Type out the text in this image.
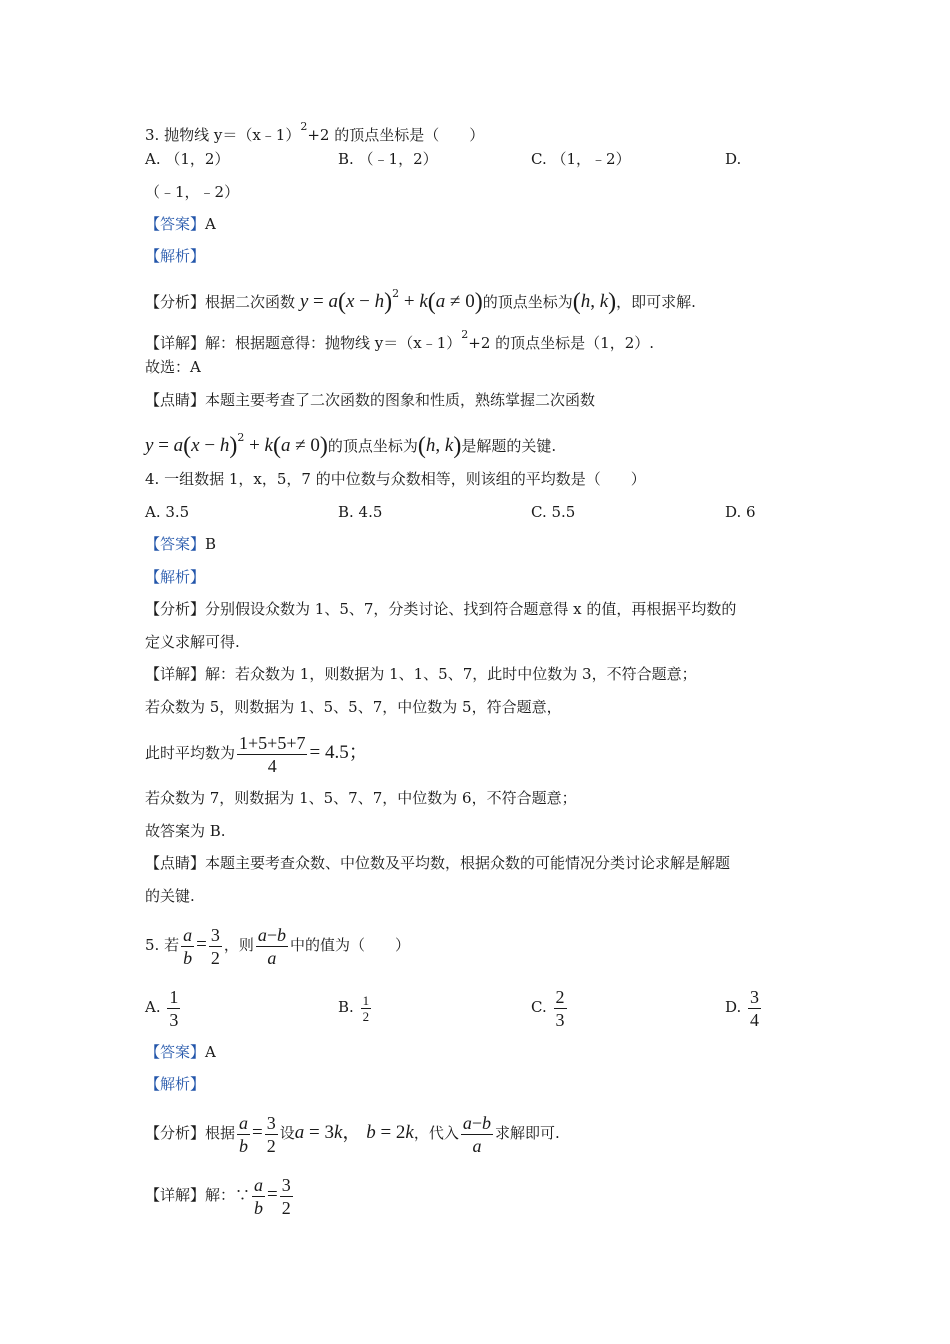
3. 抛物线 y＝（x﹣1）$^2$+2 的顶点坐标是（　　）
A. （1，2）	B. （﹣1，2）	C. （1，﹣2）	D.
（﹣1，﹣2）
【答案】A
【解析】
【分析】根据二次函数 $y = a(x - h)^2 + k(a \ne 0)$的顶点坐标为(h, k)，即可求解.
【详解】解：根据题意得：抛物线 y＝（x﹣1）$^2$+2 的顶点坐标是（1，2）.
故选：A
【点睛】本题主要考查了二次函数的图象和性质，熟练掌握二次函数
$y = a(x - h)^2 + k(a \ne 0)$的顶点坐标为(h, k)是解题的关键.
4. 一组数据 1，x，5，7 的中位数与众数相等，则该组的平均数是（　　）
A. 3.5	B. 4.5	C. 5.5	D. 6
【答案】B
【解析】
【分析】分别假设众数为 1、5、7，分类讨论、找到符合题意得 x 的值，再根据平均数的
定义求解可得.
【详解】解：若众数为 1，则数据为 1、1、5、7，此时中位数为 3，不符合题意；
若众数为 5，则数据为 1、5、5、7，中位数为 5，符合题意，
此时平均数为 $\frac{1+5+5+7}{4} = 4.5$；
若众数为 7，则数据为 1、5、7、7，中位数为 6，不符合题意；
故答案为 B.
【点睛】本题主要考查众数、中位数及平均数，根据众数的可能情况分类讨论求解是解题
的关键.
5. 若 $\frac{a}{b} = \frac{3}{2}$ ，则 $\frac{a-b}{a}$ 中的值为（　　）
A. $\frac{1}{3}$	B. $\frac{1}{2}$	C. $\frac{2}{3}$	D. $\frac{3}{4}$
【答案】A
【解析】
【分析】根据 $\frac{a}{b} = \frac{3}{2}$ 设a = 3k， b = 2k，代入 $\frac{a-b}{a}$ 求解即可.
【详解】解：∵ $\frac{a}{b} = \frac{3}{2}$
